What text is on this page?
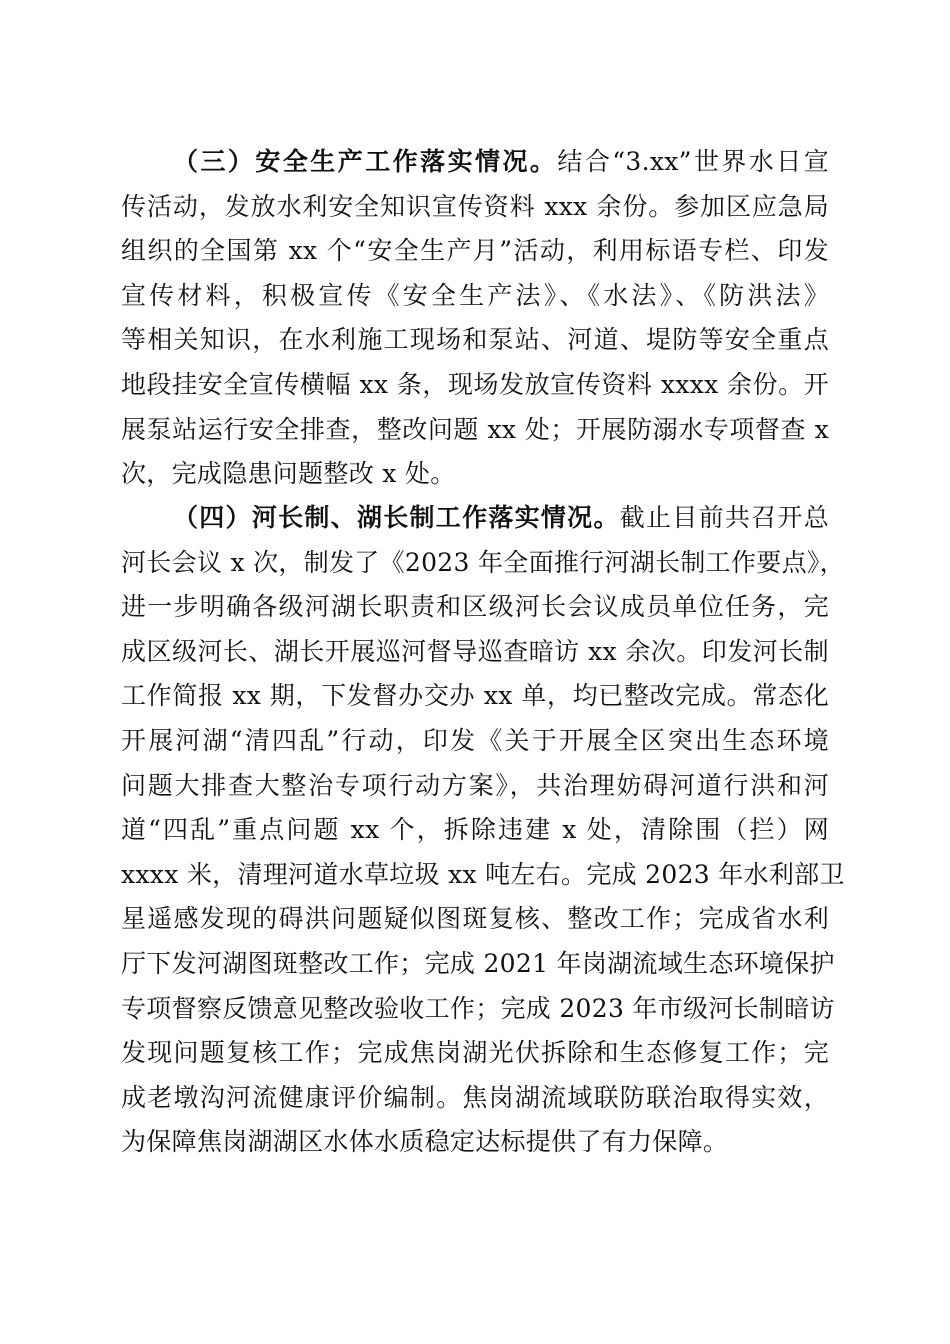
（三）安全生产工作落实情况。结合“3.xx”世界水日宣
传活动，发放水利安全知识宣传资料 xxx 余份。参加区应急局
组织的全国第 xx 个“安全生产月”活动，利用标语专栏、印发
宣传材料，积极宣传《安全生产法》、《水法》、《防洪法》
等相关知识，在水利施工现场和泵站、河道、堤防等安全重点
地段挂安全宣传横幅 xx 条，现场发放宣传资料 xxxx 余份。开
展泵站运行安全排查，整改问题 xx 处；开展防溺水专项督查 x
次，完成隐患问题整改 x 处。
（四）河长制、湖长制工作落实情况。截止目前共召开总
河长会议 x 次，制发了《2023 年全面推行河湖长制工作要点》，
进一步明确各级河湖长职责和区级河长会议成员单位任务，完
成区级河长、湖长开展巡河督导巡查暗访 xx 余次。印发河长制
工作简报 xx 期，下发督办交办 xx 单，均已整改完成。常态化
开展河湖“清四乱”行动，印发《关于开展全区突出生态环境
问题大排查大整治专项行动方案》，共治理妨碍河道行洪和河
道“四乱”重点问题 xx 个，拆除违建 x 处，清除围（拦）网
xxxx 米，清理河道水草垃圾 xx 吨左右。完成 2023 年水利部卫
星遥感发现的碍洪问题疑似图斑复核、整改工作；完成省水利
厅下发河湖图斑整改工作；完成 2021 年岗湖流域生态环境保护
专项督察反馈意见整改验收工作；完成 2023 年市级河长制暗访
发现问题复核工作；完成焦岗湖光伏拆除和生态修复工作；完
成老墩沟河流健康评价编制。焦岗湖流域联防联治取得实效，
为保障焦岗湖湖区水体水质稳定达标提供了有力保障。
